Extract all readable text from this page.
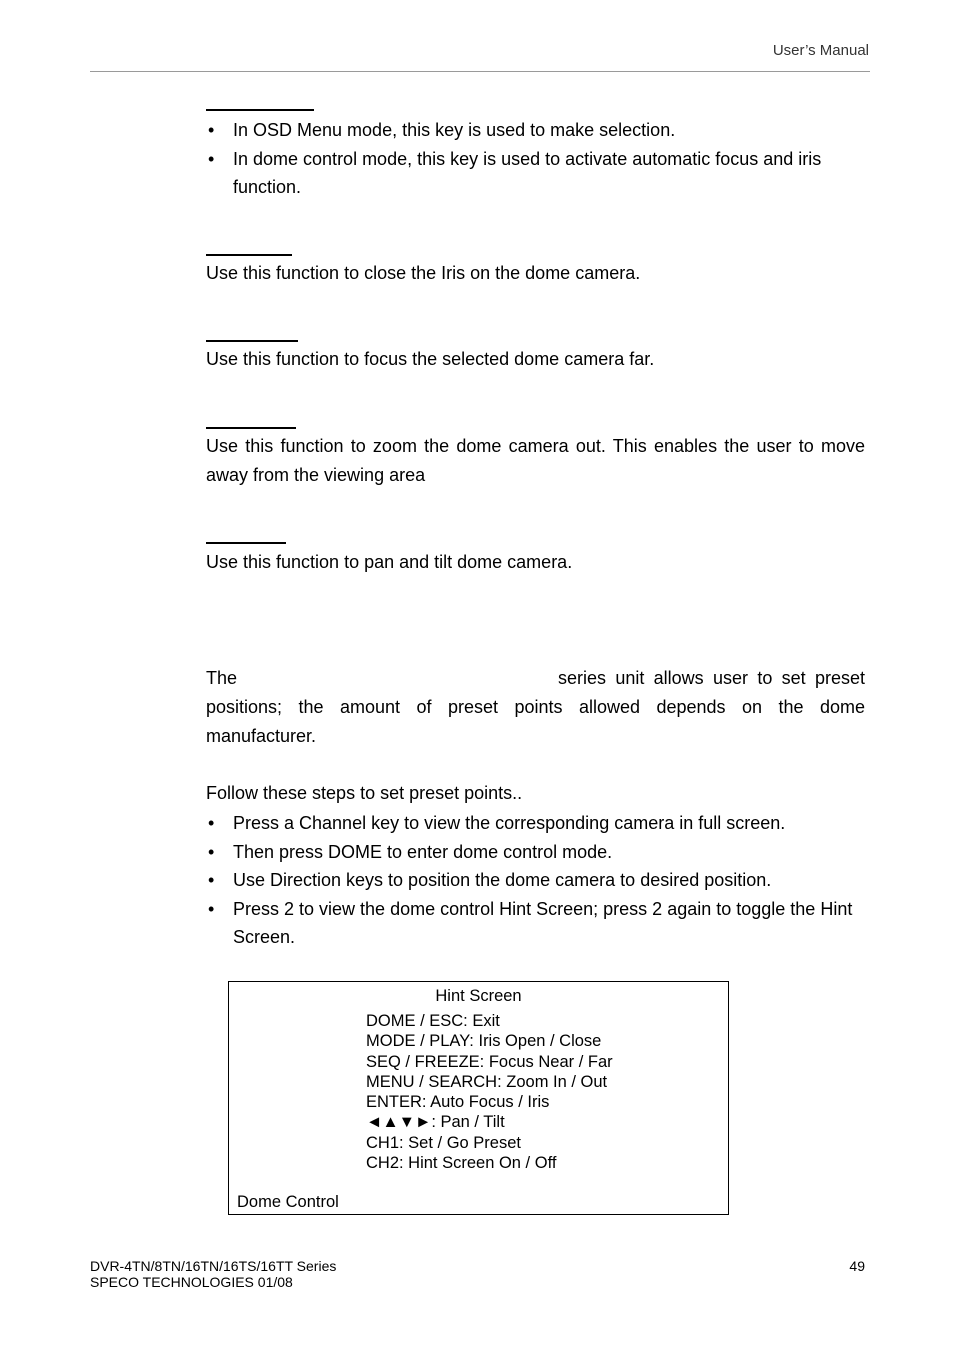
User’s Manual
• In OSD Menu mode, this key is used to make selection.
• In dome control mode, this key is used to activate automatic focus and iris function.
Use this function to close the Iris on the dome camera.
Use this function to focus the selected dome camera far.
Use this function to zoom the dome camera out. This enables the user to move away from the viewing area
Use this function to pan and tilt dome camera.
The	series unit allows user to set preset positions; the amount of preset points allowed depends on the dome manufacturer.
Follow these steps to set preset points..
• Press a Channel key to view the corresponding camera in full screen.
• Then press DOME to enter dome control mode.
• Use Direction keys to position the dome camera to desired position.
• Press 2 to view the dome control Hint Screen; press 2 again to toggle the Hint Screen.
Hint Screen
DOME / ESC: Exit
MODE / PLAY: Iris Open / Close
SEQ / FREEZE: Focus Near / Far
MENU / SEARCH: Zoom In / Out
ENTER: Auto Focus / Iris
◄▲▼►: Pan / Tilt
CH1: Set / Go Preset
CH2: Hint Screen On / Off
Dome Control
DVR-4TN/8TN/16TN/16TS/16TT Series
SPECO TECHNOLOGIES 01/08
49
